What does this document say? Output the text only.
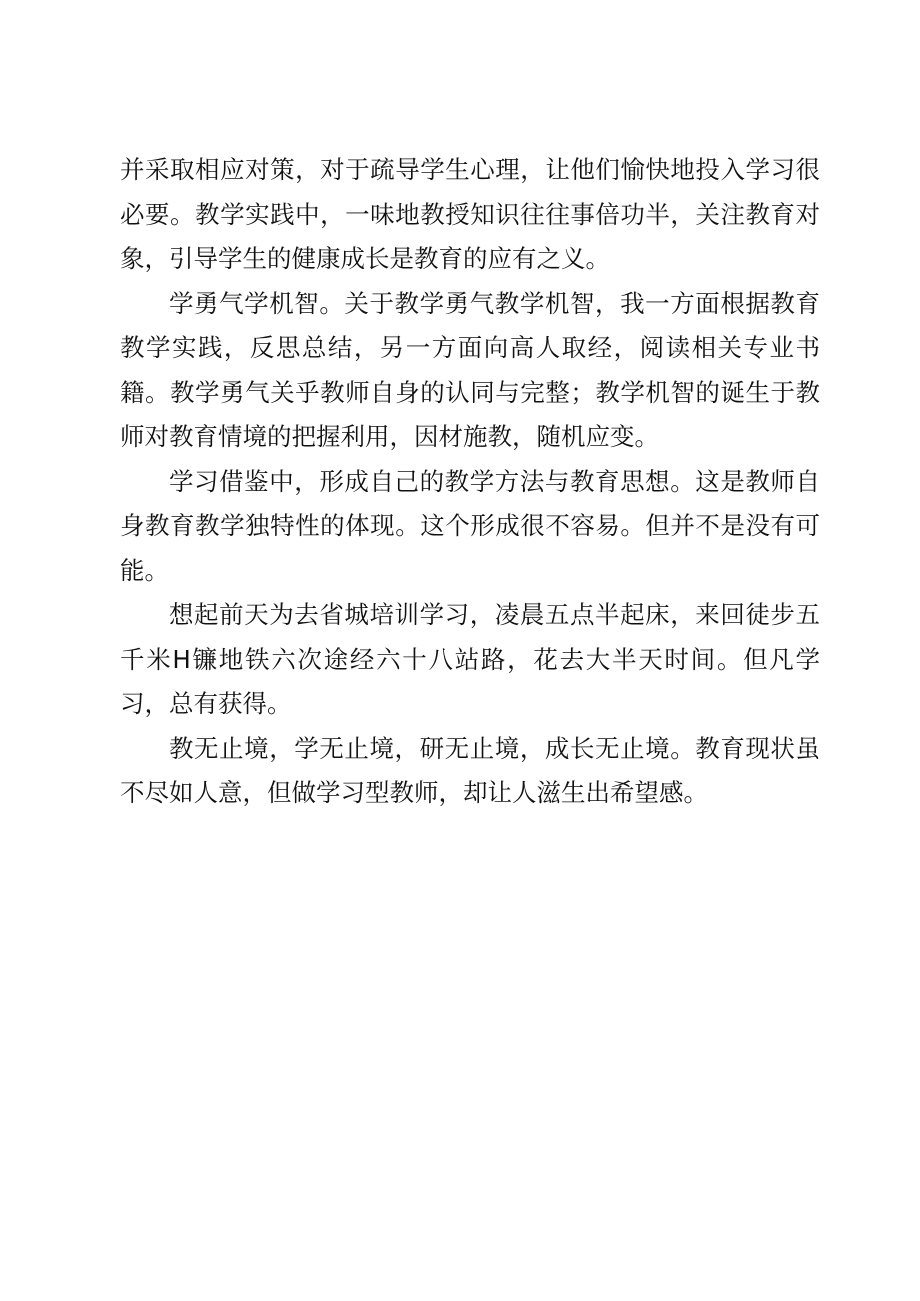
并采取相应对策，对于疏导学生心理，让他们愉快地投入学习很必要。教学实践中，一味地教授知识往往事倍功半，关注教育对象，引导学生的健康成长是教育的应有之义。

学勇气学机智。关于教学勇气教学机智，我一方面根据教育教学实践，反思总结，另一方面向高人取经，阅读相关专业书籍。教学勇气关乎教师自身的认同与完整；教学机智的诞生于教师对教育情境的把握利用，因材施教，随机应变。

学习借鉴中，形成自己的教学方法与教育思想。这是教师自身教育教学独特性的体现。这个形成很不容易。但并不是没有可能。

想起前天为去省城培训学习，凌晨五点半起床，来回徒步五千米H镰地铁六次途经六十八站路，花去大半天时间。但凡学习，总有获得。

教无止境，学无止境，研无止境，成长无止境。教育现状虽不尽如人意，但做学习型教师，却让人滋生出希望感。
